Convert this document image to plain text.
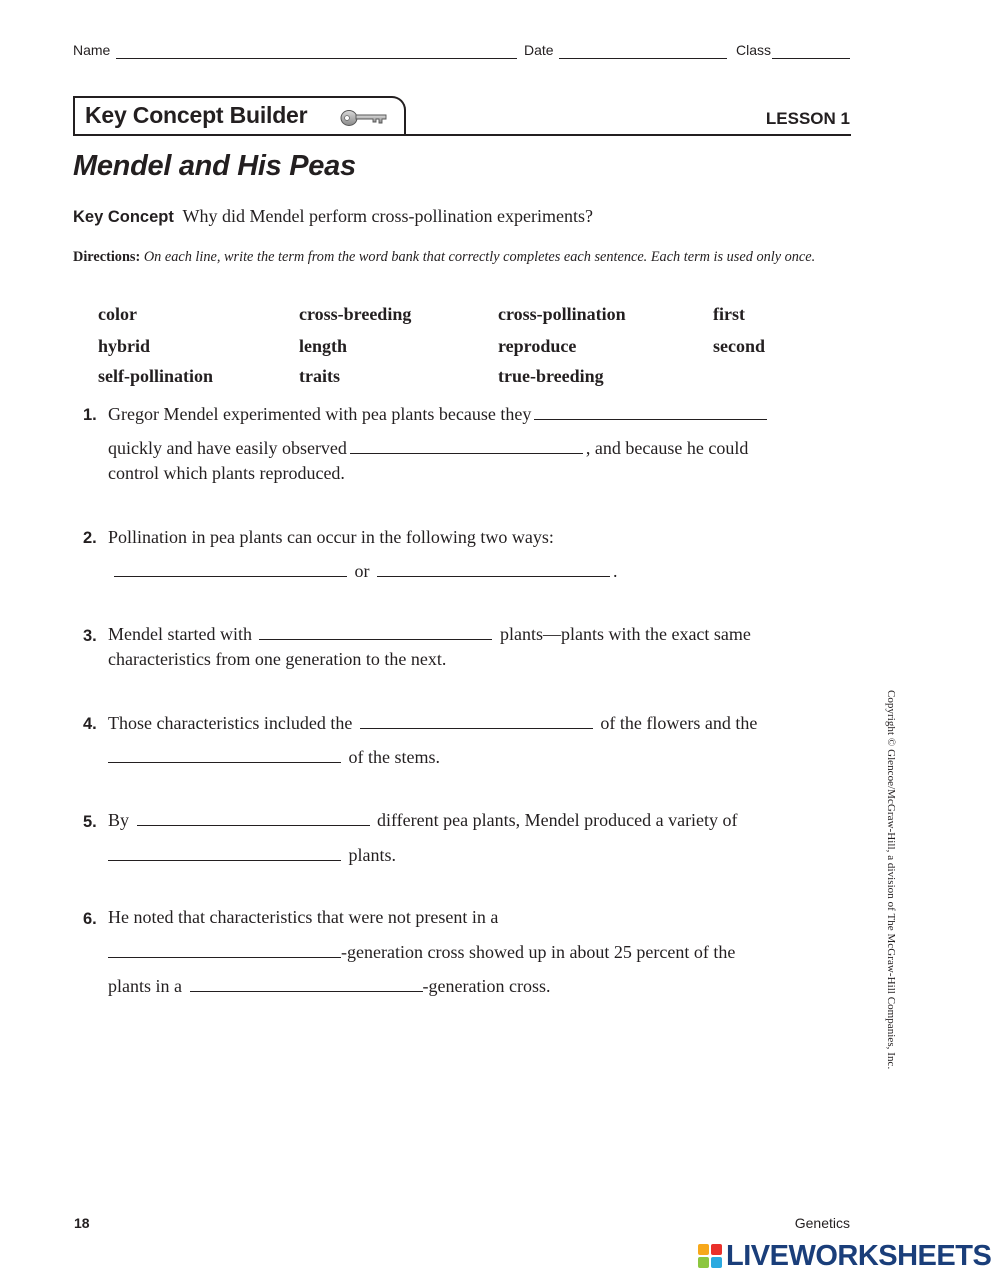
Name	Date	Class
Key Concept Builder	LESSON 1
Mendel and His Peas
Key Concept Why did Mendel perform cross-pollination experiments?
Directions: On each line, write the term from the word bank that correctly completes each sentence. Each term is used only once.
color	cross-breeding	cross-pollination	first
hybrid	length	reproduce	second
self-pollination	traits	true-breeding
1. Gregor Mendel experimented with pea plants because they
quickly and have easily observed	, and because he could
control which plants reproduced.
2. Pollination in pea plants can occur in the following two ways:
or	.
3. Mendel started with	plants—plants with the exact same
characteristics from one generation to the next.
4. Those characteristics included the	of the flowers and the
of the stems.
5. By	different pea plants, Mendel produced a variety of
plants.
6. He noted that characteristics that were not present in a
-generation cross showed up in about 25 percent of the
plants in a	-generation cross.	Copyright © Glencoe/McGraw-Hill, a division of The McGraw-Hill Companies, Inc.
18	Genetics
LIVEWORKSHEETS
